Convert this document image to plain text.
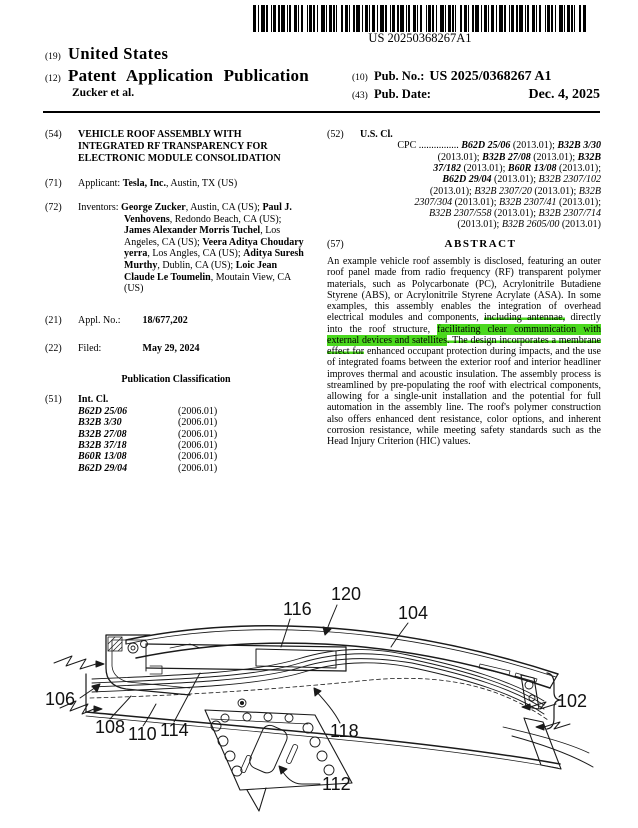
US 20250368267A1
(19) United States
(12) Patent Application Publication
Zucker et al.
(10) Pub. No.: US 2025/0368267 A1
(43) Pub. Date:	Dec. 4, 2025
(54)	VEHICLE ROOF ASSEMBLY WITH INTEGRATED RF TRANSPARENCY FOR ELECTRONIC MODULE CONSOLIDATION
(71)	Applicant: Tesla, Inc., Austin, TX (US)
(72)	Inventors: George Zucker, Austin, CA (US); Paul J. Venhovens, Redondo Beach, CA (US); James Alexander Morris Tuchel, Los Angeles, CA (US); Veera Aditya Choudary yerra, Los Angles, CA (US); Aditya Suresh Murthy, Dublin, CA (US); Loic Jean Claude Le Toumelin, Moutain View, CA (US)
(21)	Appl. No.: 18/677,202
(22)	Filed:	May 29, 2024
Publication Classification
(51)	Int. Cl.
B62D 25/06	(2006.01)
B32B 3/30	(2006.01)
B32B 27/08	(2006.01)
B32B 37/18	(2006.01)
B60R 13/08	(2006.01)
B62D 29/04	(2006.01)
(52)	U.S. Cl.
CPC ................ B62D 25/06 (2013.01); B32B 3/30
(2013.01); B32B 27/08 (2013.01); B32B
37/182 (2013.01); B60R 13/08 (2013.01);
B62D 29/04 (2013.01); B32B 2307/102
(2013.01); B32B 2307/20 (2013.01); B32B
2307/304 (2013.01); B32B 2307/41 (2013.01);
B32B 2307/558 (2013.01); B32B 2307/714
(2013.01); B32B 2605/00 (2013.01)
(57)	ABSTRACT
An example vehicle roof assembly is disclosed, featuring an outer roof panel made from radio frequency (RF) transparent polymer materials, such as Polycarbonate (PC), Acrylonitrile Butadiene Styrene (ABS), or Acrylonitrile Styrene Acrylate (ASA). In some examples, this assembly enables the integration of overhead electrical modules and components, including antennae, directly into the roof structure, facilitating clear communication with external devices and satellites. The design incorporates a membrane effect for enhanced occupant protection during impacts, and the use of integrated foams between the exterior roof and interior headliner improves thermal and acoustic insulation. The assembly process is streamlined by pre-populating the roof with electrical components, allowing for a single-unit installation and the potential for full automation in the assembly line. The roof's polymer construction also offers enhanced dent resistance, color options, and inherent corrosion resistance, while meeting safety standards such as the Head Injury Criterion (HIC) values.
120
116	104
106
108 110 114	118
112
102
